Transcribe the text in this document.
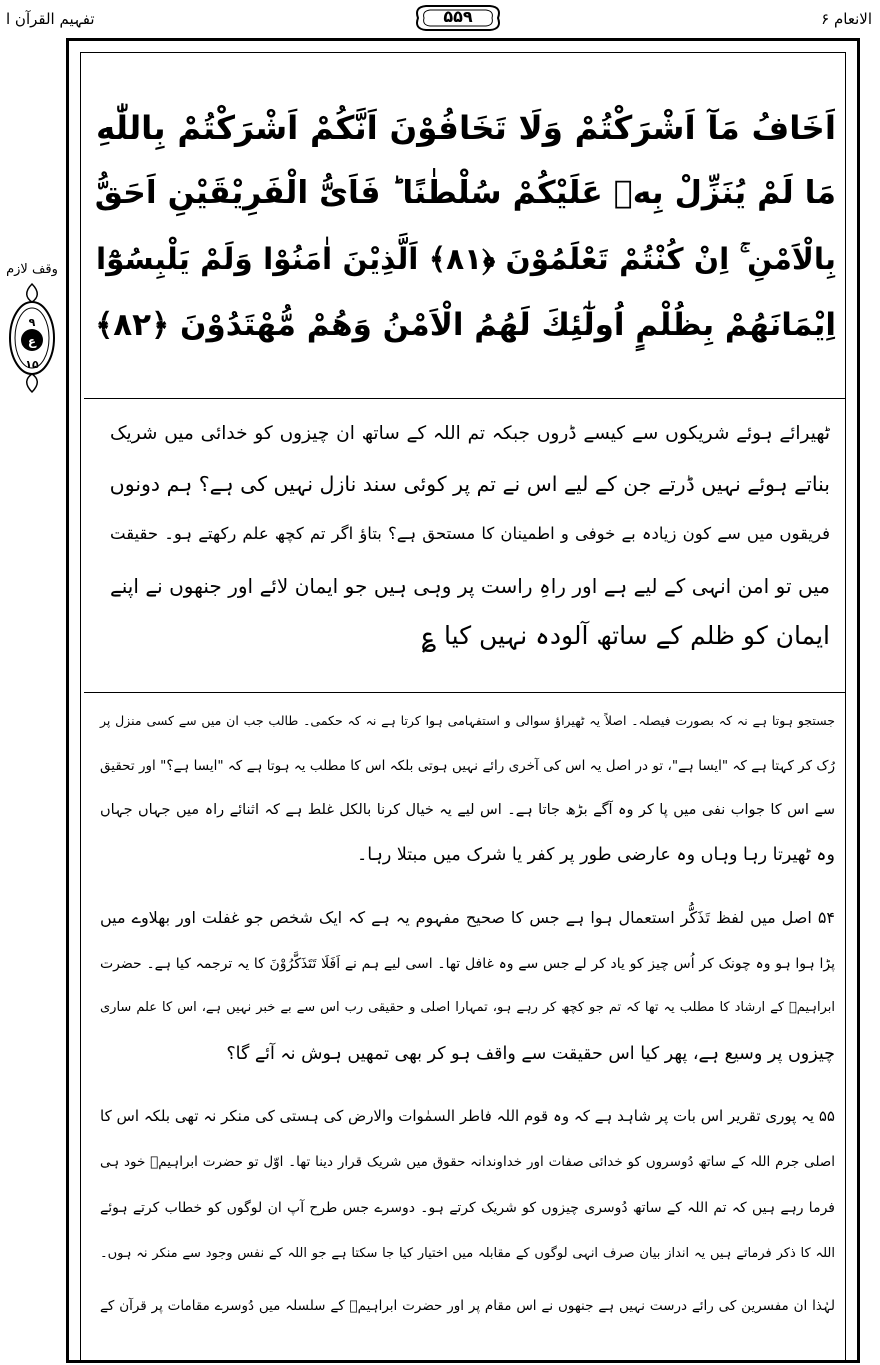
تفہیم القرآن ا	۵۵۹	الانعام ۶
وقف لازم
۹
ع
۱۵
اَخَافُ مَآ اَشْرَكْتُمْ وَلَا تَخَافُوْنَ اَنَّكُمْ اَشْرَكْتُمْ بِاللّٰهِ
مَا لَمْ يُنَزِّلْ بِهٖ عَلَيْكُمْ سُلْطٰنًا ؕ فَاَیُّ الْفَرِيْقَيْنِ اَحَقُّ
بِالْاَمْنِ ۚ اِنْ كُنْتُمْ تَعْلَمُوْنَ ﴿۸۱﴾ اَلَّذِيْنَ اٰمَنُوْا وَلَمْ يَلْبِسُوْٓا
اِيْمَانَهُمْ بِظُلْمٍ اُولٰٓئِكَ لَهُمُ الْاَمْنُ وَهُمْ مُّهْتَدُوْنَ ﴿۸۲﴾
ٹھیرائے ہوئے شریکوں سے کیسے ڈروں جبکہ تم اللہ کے ساتھ ان چیزوں کو خدائی میں شریک
بناتے ہوئے نہیں ڈرتے جن کے لیے اس نے تم پر کوئی سند نازل نہیں کی ہے؟ ہم دونوں
فریقوں میں سے کون زیادہ بے خوفی و اطمینان کا مستحق ہے؟ بتاؤ اگر تم کچھ علم رکھتے ہو۔ حقیقت
میں تو امن انہی کے لیے ہے اور راہِ راست پر وہی ہیں جو ایمان لائے اور جنھوں نے اپنے
ایمان کو ظلم کے ساتھ آلودہ نہیں کیا ؏
جستجو ہوتا ہے نہ کہ بصورت فیصلہ۔ اصلاً یہ ٹھیراؤ سوالی و استفہامی ہوا کرتا ہے نہ کہ حکمی۔ طالب جب ان میں سے کسی منزل پر
رُک کر کہتا ہے کہ "ایسا ہے"، تو در اصل یہ اس کی آخری رائے نہیں ہوتی بلکہ اس کا مطلب یہ ہوتا ہے کہ "ایسا ہے؟" اور تحقیق
سے اس کا جواب نفی میں پا کر وہ آگے بڑھ جاتا ہے۔ اس لیے یہ خیال کرنا بالکل غلط ہے کہ اثنائے راہ میں جہاں جہاں
وہ ٹھیرتا رہا وہاں وہ عارضی طور پر کفر یا شرک میں مبتلا رہا۔
۵۴ اصل میں لفظ تَذَكُّر استعمال ہوا ہے جس کا صحیح مفہوم یہ ہے کہ ایک شخص جو غفلت اور بھلاوے میں
پڑا ہوا ہو وہ چونک کر اُس چیز کو یاد کر لے جس سے وہ غافل تھا۔ اسی لیے ہم نے اَفَلَا تَتَذَكَّرُوْنَ کا یہ ترجمہ کیا ہے۔ حضرت
ابراہیمؑ کے ارشاد کا مطلب یہ تھا کہ تم جو کچھ کر رہے ہو، تمہارا اصلی و حقیقی رب اس سے بے خبر نہیں ہے، اس کا علم ساری
چیزوں پر وسیع ہے، پھر کیا اس حقیقت سے واقف ہو کر بھی تمھیں ہوش نہ آئے گا؟
۵۵ یہ پوری تقریر اس بات پر شاہد ہے کہ وہ قوم اللہ فاطر السمٰوات والارض کی ہستی کی منکر نہ تھی بلکہ اس کا
اصلی جرم اللہ کے ساتھ دُوسروں کو خدائی صفات اور خداوندانہ حقوق میں شریک قرار دینا تھا۔ اوّل تو حضرت ابراہیمؑ خود ہی
فرما رہے ہیں کہ تم اللہ کے ساتھ دُوسری چیزوں کو شریک کرتے ہو۔ دوسرے جس طرح آپ ان لوگوں کو خطاب کرتے ہوئے
اللہ کا ذکر فرماتے ہیں یہ انداز بیان صرف انہی لوگوں کے مقابلہ میں اختیار کیا جا سکتا ہے جو اللہ کے نفس وجود سے منکر نہ ہوں۔
لہٰذا ان مفسرین کی رائے درست نہیں ہے جنھوں نے اس مقام پر اور حضرت ابراہیمؑ کے سلسلہ میں دُوسرے مقامات پر قرآن کے
